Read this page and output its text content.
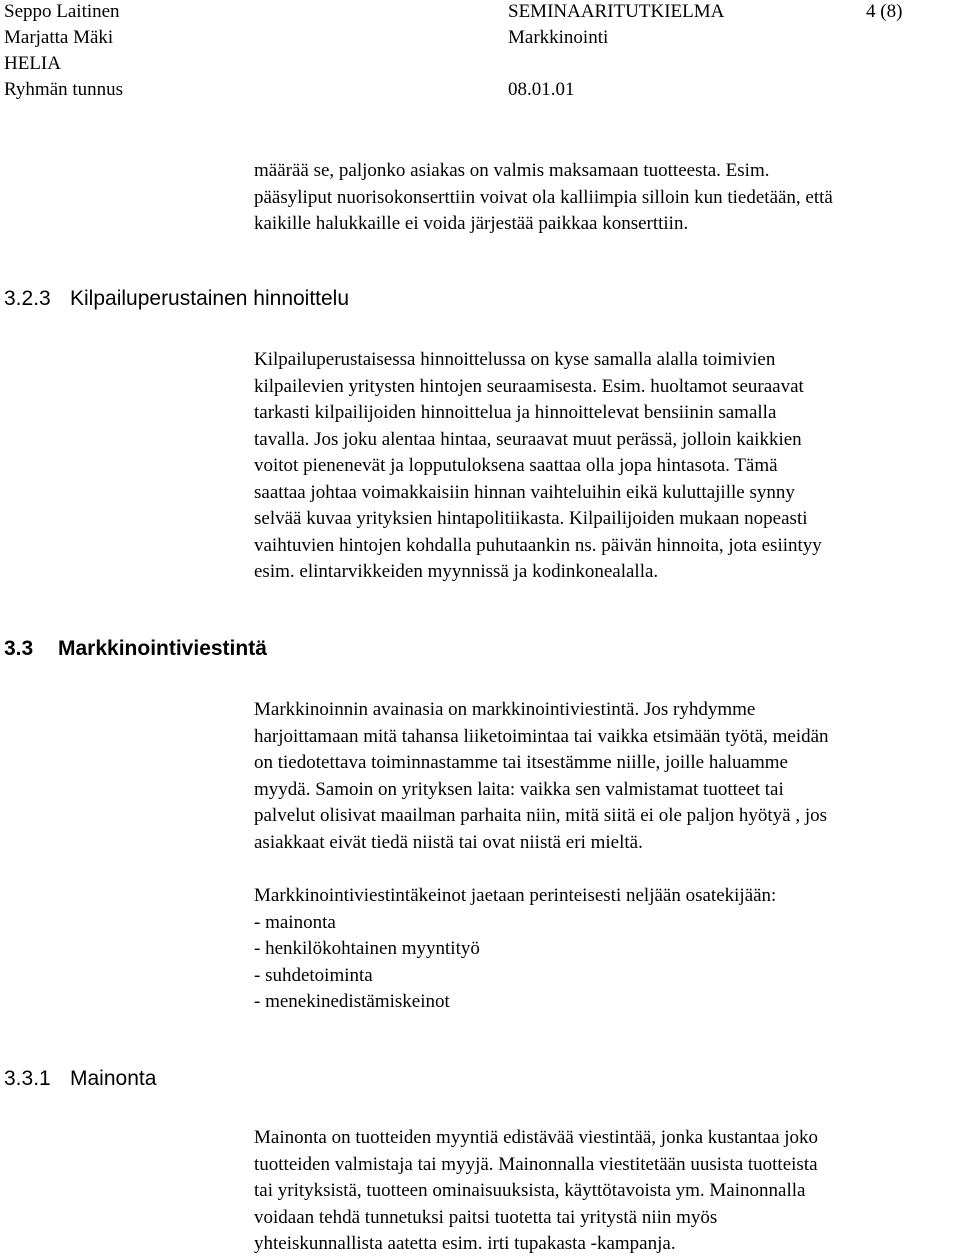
Seppo Laitinen
Marjatta Mäki
HELIA
Ryhmän tunnus
SEMINAARITUTKIELMA
Markkinointi
08.01.01
4 (8)
määrää se, paljonko asiakas on valmis maksamaan tuotteesta. Esim.
pääsyliput nuorisokonserttiin voivat ola kalliimpia silloin kun tiedetään, että
kaikille halukkaille ei voida järjestää paikkaa konserttiin.
3.2.3 Kilpailuperustainen hinnoittelu
Kilpailuperustaisessa hinnoittelussa on kyse samalla alalla toimivien
kilpailevien yritysten hintojen seuraamisesta. Esim. huoltamot seuraavat
tarkasti kilpailijoiden hinnoittelua ja hinnoittelevat bensiinin samalla
tavalla. Jos joku alentaa hintaa, seuraavat muut perässä, jolloin kaikkien
voitot pienenevät ja lopputuloksena saattaa olla jopa hintasota. Tämä
saattaa johtaa voimakkaisiin hinnan vaihteluihin eikä kuluttajille synny
selvää kuvaa yrityksien hintapolitiikasta. Kilpailijoiden mukaan nopeasti
vaihtuvien hintojen kohdalla puhutaankin ns. päivän hinnoita, jota esiintyy
esim. elintarvikkeiden myynnissä ja kodinkonealalla.
3.3 Markkinointiviestintä
Markkinoinnin avainasia on markkinointiviestintä. Jos ryhdymme
harjoittamaan mitä tahansa liiketoimintaa tai vaikka etsimään työtä, meidän
on tiedotettava toiminnastamme tai itsestämme niille, joille haluamme
myydä. Samoin on yrityksen laita: vaikka sen valmistamat tuotteet tai
palvelut olisivat maailman parhaita niin, mitä siitä ei ole paljon hyötyä , jos
asiakkaat eivät tiedä niistä tai ovat niistä eri mieltä.
Markkinointiviestintäkeinot jaetaan perinteisesti neljään osatekijään:
- mainonta
- henkilökohtainen myyntityö
- suhdetoiminta
- menekinedistämiskeinot
3.3.1 Mainonta
Mainonta on tuotteiden myyntiä edistävää viestintää, jonka kustantaa joko
tuotteiden valmistaja tai myyjä. Mainonnalla viestitetään uusista tuotteista
tai yrityksistä, tuotteen ominaisuuksista, käyttötavoista ym. Mainonnalla
voidaan tehdä tunnetuksi paitsi tuotetta tai yritystä niin myös
yhteiskunnallista aatetta esim. irti tupakasta -kampanja.
